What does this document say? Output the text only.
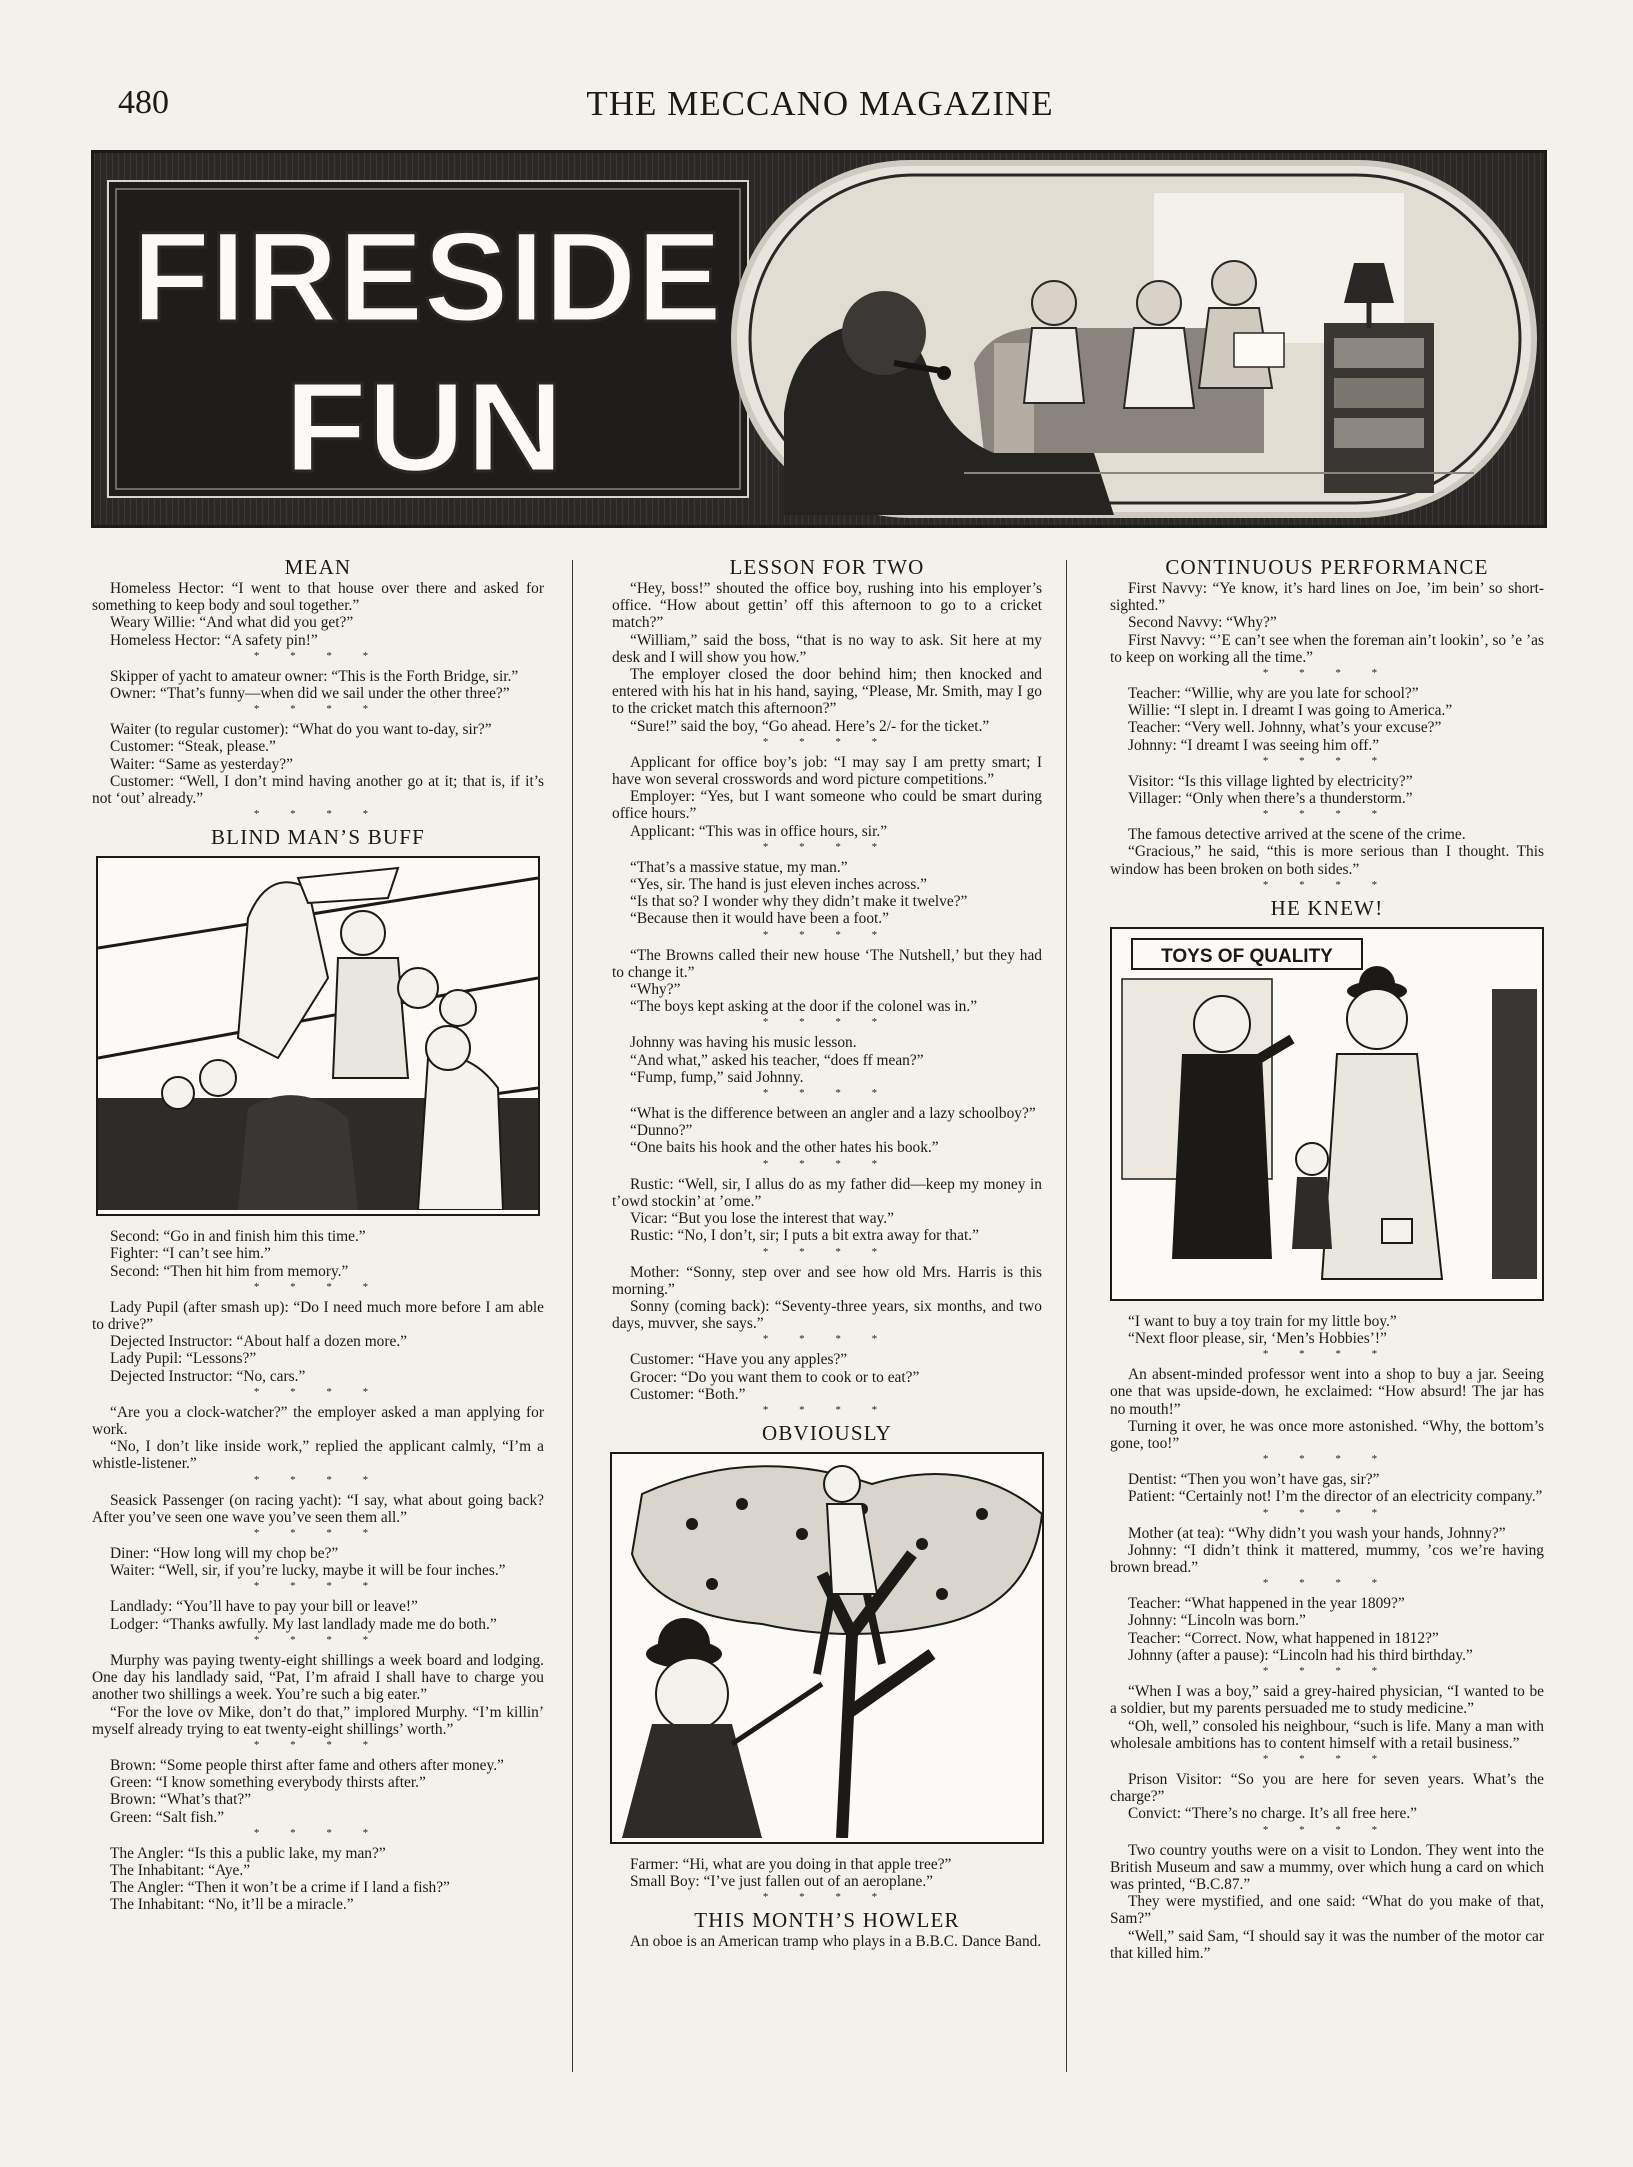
480	THE MECCANO MAGAZINE
FIRESIDE
FUN
MEAN
Homeless Hector: “I went to that house over there and asked for something to keep body and soul together.”
Weary Willie: “And what did you get?”
Homeless Hector: “A safety pin!”
* * * *
Skipper of yacht to amateur owner: “This is the Forth Bridge, sir.”
Owner: “That’s funny—when did we sail under the other three?”
* * * *
Waiter (to regular customer): “What do you want to-day, sir?”
Customer: “Steak, please.”
Waiter: “Same as yesterday?”
Customer: “Well, I don’t mind having another go at it; that is, if it’s not ‘out’ already.”
* * * *
BLIND MAN’S BUFF
Second: “Go in and finish him this time.”
Fighter: “I can’t see him.”
Second: “Then hit him from memory.”
* * * *
Lady Pupil (after smash up): “Do I need much more before I am able to drive?”
Dejected Instructor: “About half a dozen more.”
Lady Pupil: “Lessons?”
Dejected Instructor: “No, cars.”
* * * *
“Are you a clock-watcher?” the employer asked a man applying for work.
“No, I don’t like inside work,” replied the applicant calmly, “I’m a whistle-listener.”
* * * *
Seasick Passenger (on racing yacht): “I say, what about going back? After you’ve seen one wave you’ve seen them all.”
* * * *
Diner: “How long will my chop be?”
Waiter: “Well, sir, if you’re lucky, maybe it will be four inches.”
* * * *
Landlady: “You’ll have to pay your bill or leave!”
Lodger: “Thanks awfully. My last landlady made me do both.”
* * * *
Murphy was paying twenty-eight shillings a week board and lodging. One day his landlady said, “Pat, I’m afraid I shall have to charge you another two shillings a week. You’re such a big eater.”
“For the love ov Mike, don’t do that,” implored Murphy. “I’m killin’ myself already trying to eat twenty-eight shillings’ worth.”
* * * *
Brown: “Some people thirst after fame and others after money.”
Green: “I know something everybody thirsts after.”
Brown: “What’s that?”
Green: “Salt fish.”
* * * *
The Angler: “Is this a public lake, my man?”
The Inhabitant: “Aye.”
The Angler: “Then it won’t be a crime if I land a fish?”
The Inhabitant: “No, it’ll be a miracle.”
LESSON FOR TWO
“Hey, boss!” shouted the office boy, rushing into his employer’s office. “How about gettin’ off this afternoon to go to a cricket match?”
“William,” said the boss, “that is no way to ask. Sit here at my desk and I will show you how.”
The employer closed the door behind him; then knocked and entered with his hat in his hand, saying, “Please, Mr. Smith, may I go to the cricket match this afternoon?”
“Sure!” said the boy, “Go ahead. Here’s 2/- for the ticket.”
* * * *
Applicant for office boy’s job: “I may say I am pretty smart; I have won several crosswords and word picture competitions.”
Employer: “Yes, but I want someone who could be smart during office hours.”
Applicant: “This was in office hours, sir.”
* * * *
“That’s a massive statue, my man.”
“Yes, sir. The hand is just eleven inches across.”
“Is that so? I wonder why they didn’t make it twelve?”
“Because then it would have been a foot.”
* * * *
“The Browns called their new house ‘The Nutshell,’ but they had to change it.”
“Why?”
“The boys kept asking at the door if the colonel was in.”
* * * *
Johnny was having his music lesson.
“And what,” asked his teacher, “does ff mean?”
“Fump, fump,” said Johnny.
* * * *
“What is the difference between an angler and a lazy schoolboy?”
“Dunno?”
“One baits his hook and the other hates his book.”
* * * *
Rustic: “Well, sir, I allus do as my father did—keep my money in t’owd stockin’ at ’ome.”
Vicar: “But you lose the interest that way.”
Rustic: “No, I don’t, sir; I puts a bit extra away for that.”
* * * *
Mother: “Sonny, step over and see how old Mrs. Harris is this morning.”
Sonny (coming back): “Seventy-three years, six months, and two days, muvver, she says.”
* * * *
Customer: “Have you any apples?”
Grocer: “Do you want them to cook or to eat?”
Customer: “Both.”
* * * *
OBVIOUSLY
Farmer: “Hi, what are you doing in that apple tree?”
Small Boy: “I’ve just fallen out of an aeroplane.”
* * * *
THIS MONTH’S HOWLER
An oboe is an American tramp who plays in a B.B.C. Dance Band.
CONTINUOUS PERFORMANCE
First Navvy: “Ye know, it’s hard lines on Joe, ’im bein’ so short-sighted.”
Second Navvy: “Why?”
First Navvy: “’E can’t see when the foreman ain’t lookin’, so ’e ’as to keep on working all the time.”
* * * *
Teacher: “Willie, why are you late for school?”
Willie: “I slept in. I dreamt I was going to America.”
Teacher: “Very well. Johnny, what’s your excuse?”
Johnny: “I dreamt I was seeing him off.”
* * * *
Visitor: “Is this village lighted by electricity?”
Villager: “Only when there’s a thunderstorm.”
* * * *
The famous detective arrived at the scene of the crime.
“Gracious,” he said, “this is more serious than I thought. This window has been broken on both sides.”
* * * *
HE KNEW!
TOYS OF QUALITY
“I want to buy a toy train for my little boy.”
“Next floor please, sir, ‘Men’s Hobbies’!”
* * * *
An absent-minded professor went into a shop to buy a jar. Seeing one that was upside-down, he exclaimed: “How absurd! The jar has no mouth!”
Turning it over, he was once more astonished. “Why, the bottom’s gone, too!”
* * * *
Dentist: “Then you won’t have gas, sir?”
Patient: “Certainly not! I’m the director of an electricity company.”
* * * *
Mother (at tea): “Why didn’t you wash your hands, Johnny?”
Johnny: “I didn’t think it mattered, mummy, ’cos we’re having brown bread.”
* * * *
Teacher: “What happened in the year 1809?”
Johnny: “Lincoln was born.”
Teacher: “Correct. Now, what happened in 1812?”
Johnny (after a pause): “Lincoln had his third birthday.”
* * * *
“When I was a boy,” said a grey-haired physician, “I wanted to be a soldier, but my parents persuaded me to study medicine.”
“Oh, well,” consoled his neighbour, “such is life. Many a man with wholesale ambitions has to content himself with a retail business.”
* * * *
Prison Visitor: “So you are here for seven years. What’s the charge?”
Convict: “There’s no charge. It’s all free here.”
* * * *
Two country youths were on a visit to London. They went into the British Museum and saw a mummy, over which hung a card on which was printed, “B.C.87.”
They were mystified, and one said: “What do you make of that, Sam?”
“Well,” said Sam, “I should say it was the number of the motor car that killed him.”
